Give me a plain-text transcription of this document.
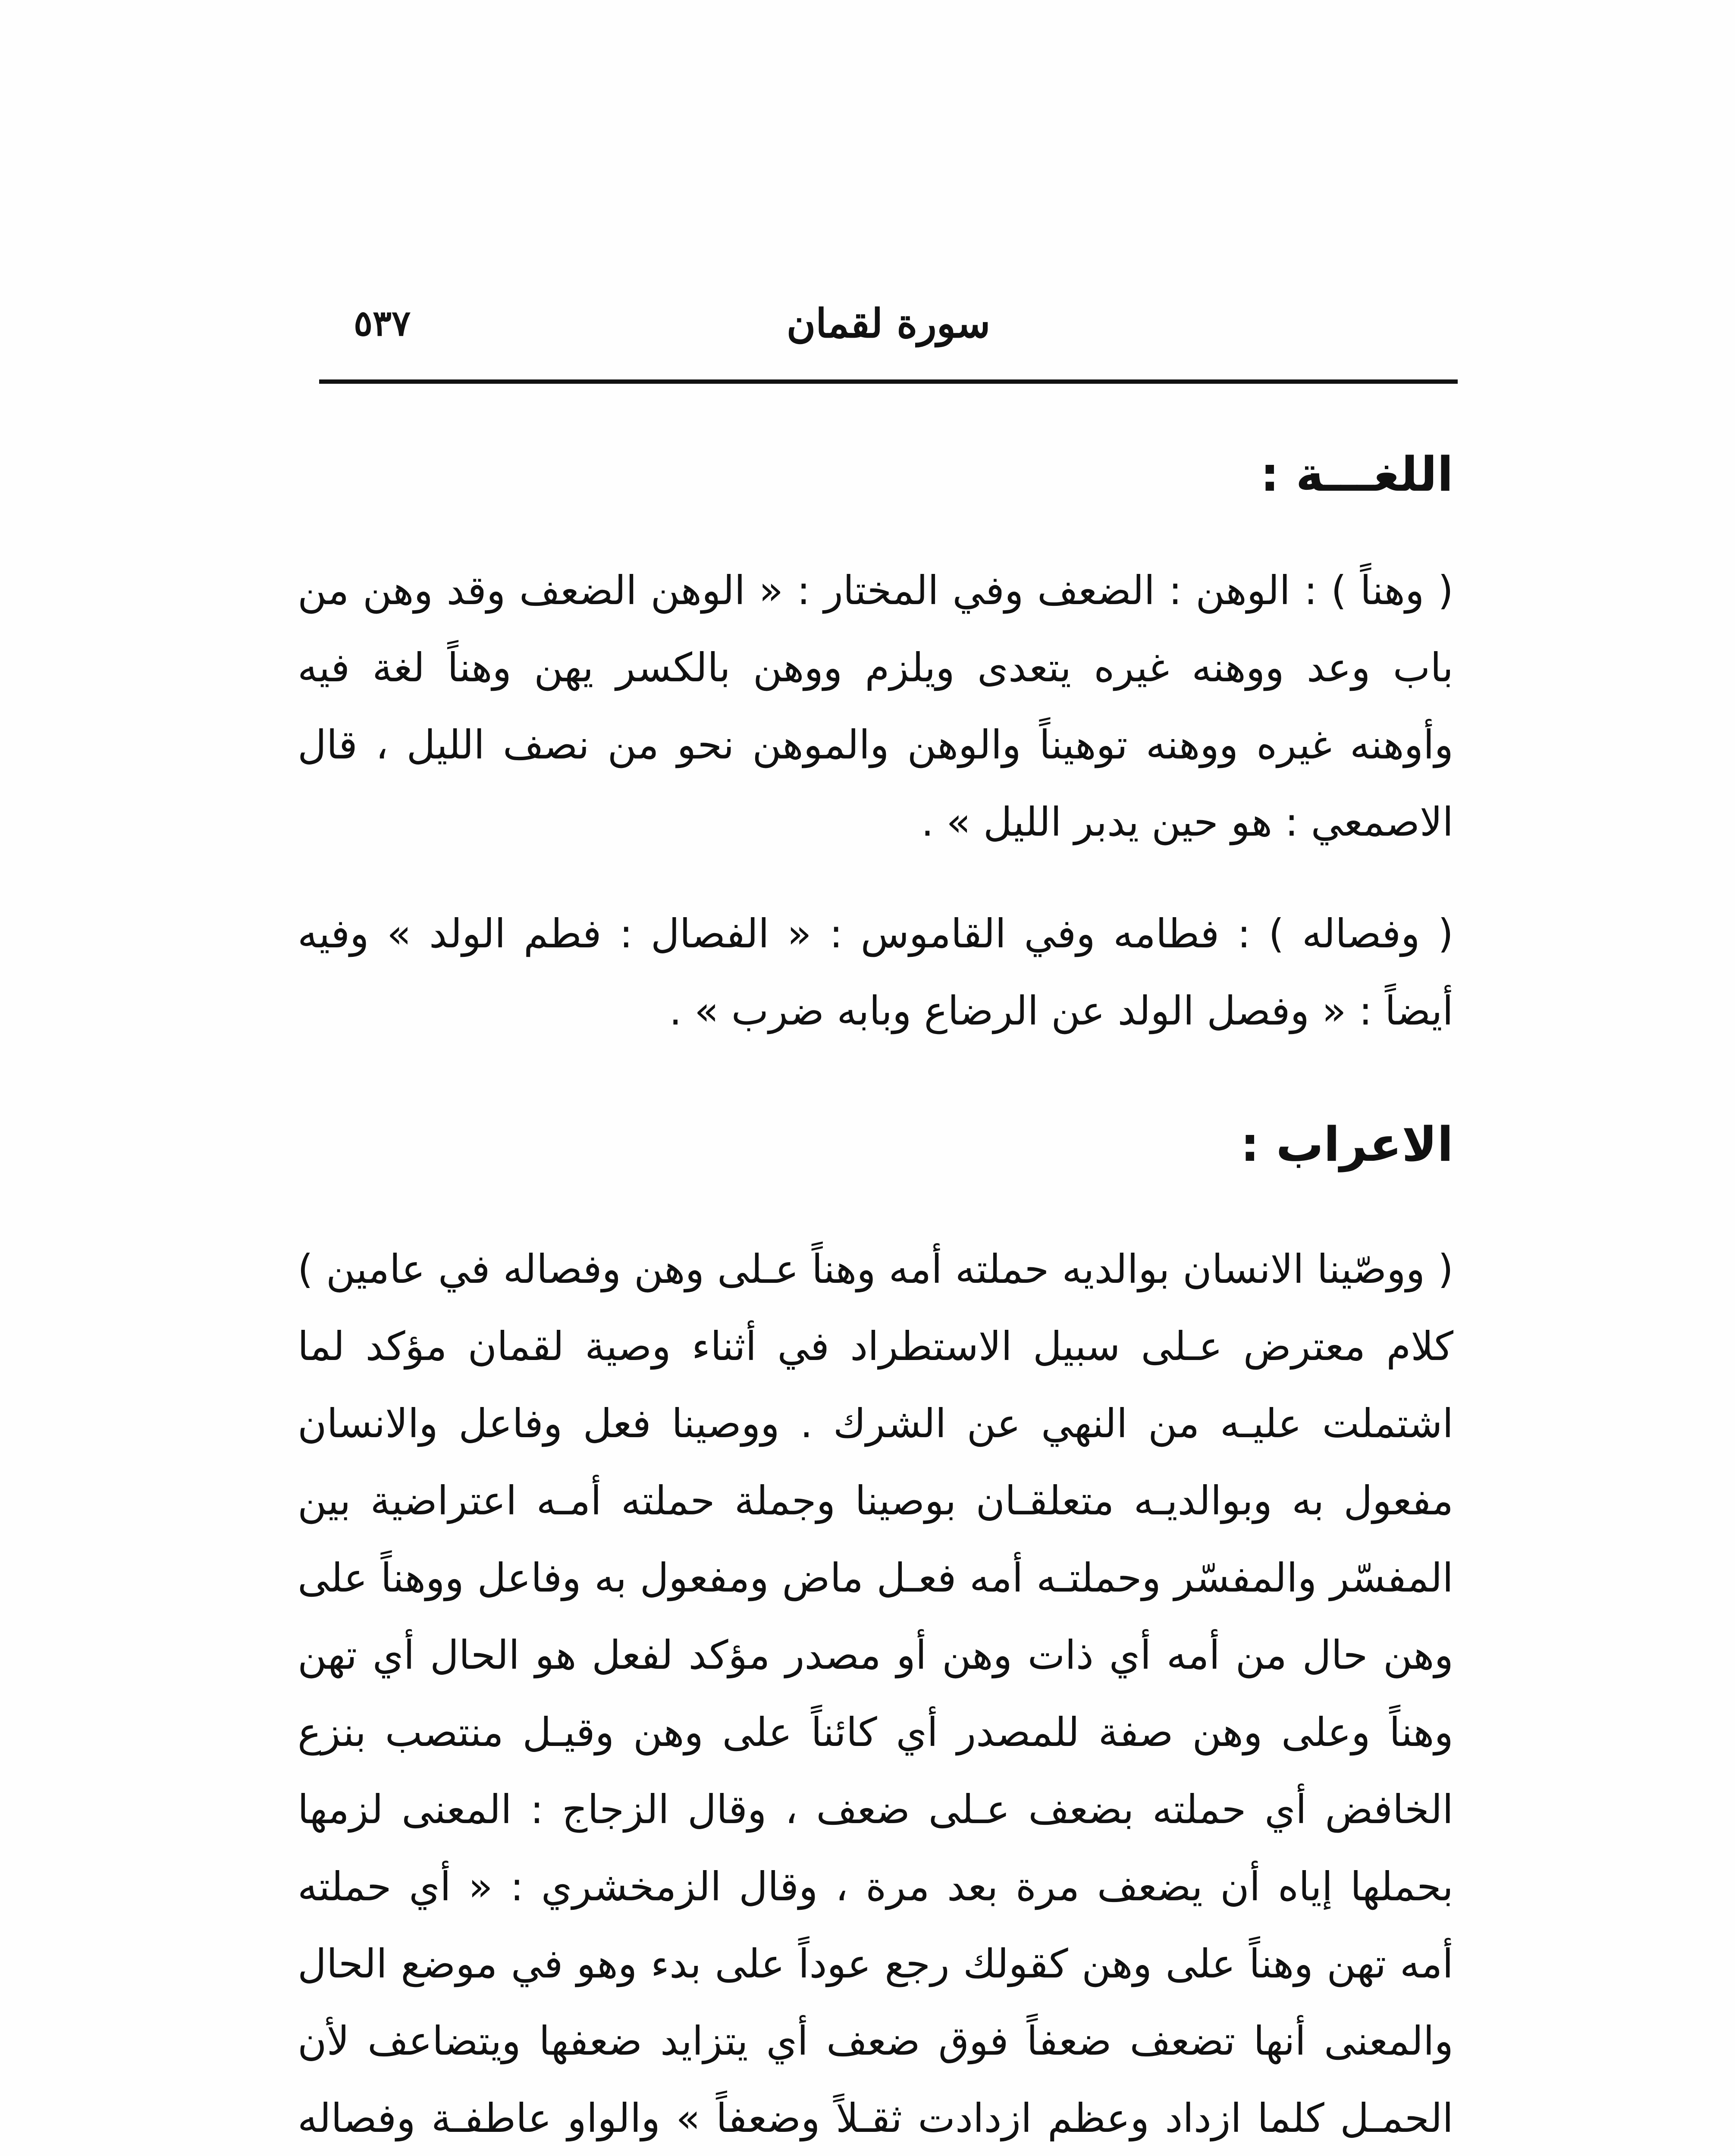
٥٣٧	سورة لقمان
اللغـــة :

( وهناً ) : الوهن : الضعف وفي المختار : « الوهن الضعف وقد وهن من باب وعد ووهنه غيره يتعدى ويلزم ووهن بالكسر يهن وهناً لغة فيه وأوهنه غيره ووهنه توهيناً والوهن والموهن نحو من نصف الليل ، قال الاصمعي : هو حين يدبر الليل » .

( وفصاله ) : فطامه وفي القاموس : « الفصال : فطم الولد » وفيه أيضاً : « وفصل الولد عن الرضاع وبابه ضرب » .

الاعراب :

( ووصّينا الانسان بوالديه حملته أمه وهناً عـلى وهن وفصاله في عامين ) كلام معترض عـلى سبيل الاستطراد في أثناء وصية لقمان مؤكد لما اشتملت عليـه من النهي عن الشرك . ووصينا فعل وفاعل والانسان مفعول به وبوالديـه متعلقـان بوصينا وجملة حملته أمـه اعتراضية بين المفسّر والمفسّر وحملتـه أمه فعـل ماض ومفعول به وفاعل ووهناً على وهن حال من أمه أي ذات وهن أو مصدر مؤكد لفعل هو الحال أي تهن وهناً وعلى وهن صفة للمصدر أي كائناً على وهن وقيـل منتصب بنزع الخافض أي حملته بضعف عـلى ضعف ، وقال الزجاج : المعنى لزمها بحملها إياه أن يضعف مرة بعد مرة ، وقال الزمخشري : « أي حملته أمه تهن وهناً على وهن كقولك رجع عوداً على بدء وهو في موضع الحال والمعنى أنها تضعف ضعفاً فوق ضعف أي يتزايد ضعفها ويتضاعف لأن الحمـل كلما ازداد وعظم ازدادت ثقـلاً وضعفاً » والواو عاطفـة وفصاله
